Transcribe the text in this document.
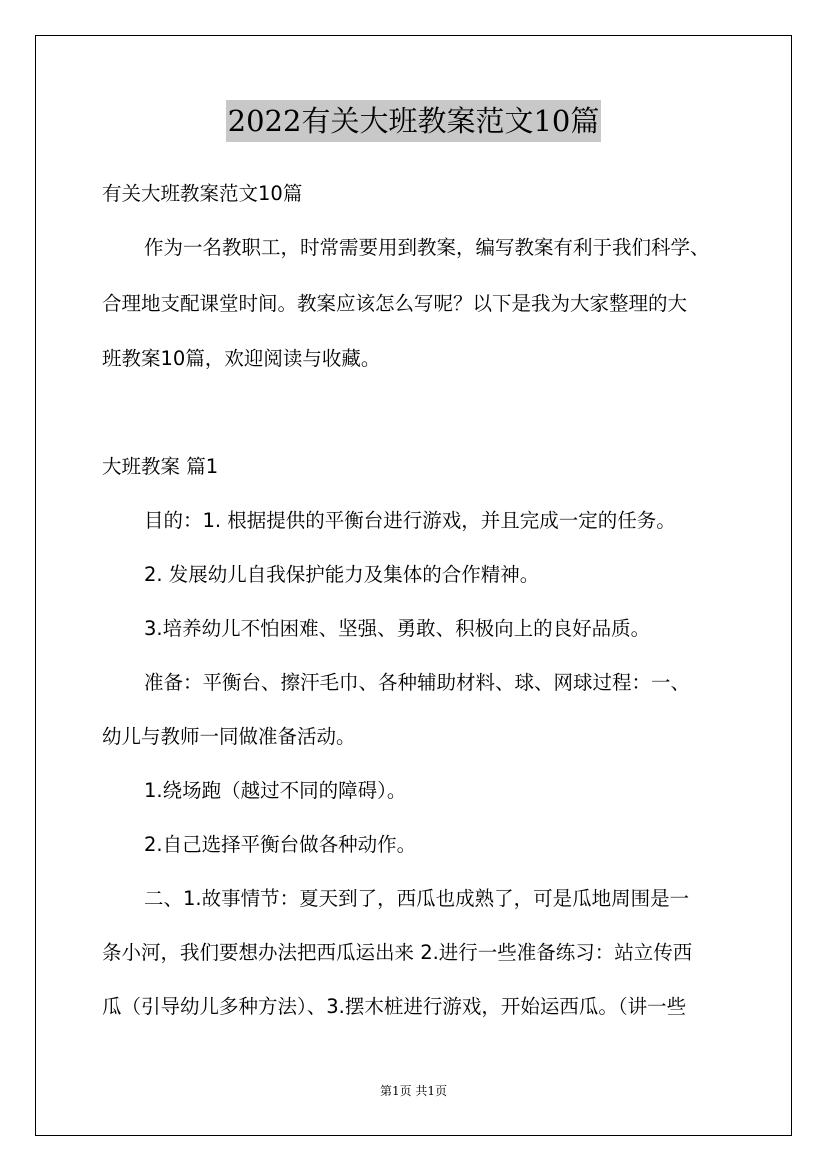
2022有关大班教案范文10篇
有关大班教案范文10篇
作为一名教职工，时常需要用到教案，编写教案有利于我们科学、
合理地支配课堂时间。教案应该怎么写呢？以下是我为大家整理的大
班教案10篇，欢迎阅读与收藏。
大班教案 篇1
目的：1. 根据提供的平衡台进行游戏，并且完成一定的任务。
2. 发展幼儿自我保护能力及集体的合作精神。
3.培养幼儿不怕困难、坚强、勇敢、积极向上的良好品质。
准备：平衡台、擦汗毛巾、各种辅助材料、球、网球过程：一、
幼儿与教师一同做准备活动。
1.绕场跑（越过不同的障碍）。
2.自己选择平衡台做各种动作。
二、1.故事情节：夏天到了，西瓜也成熟了，可是瓜地周围是一
条小河，我们要想办法把西瓜运出来 2.进行一些准备练习：站立传西
瓜（引导幼儿多种方法）、3.摆木桩进行游戏，开始运西瓜。（讲一些
第1页 共1页
